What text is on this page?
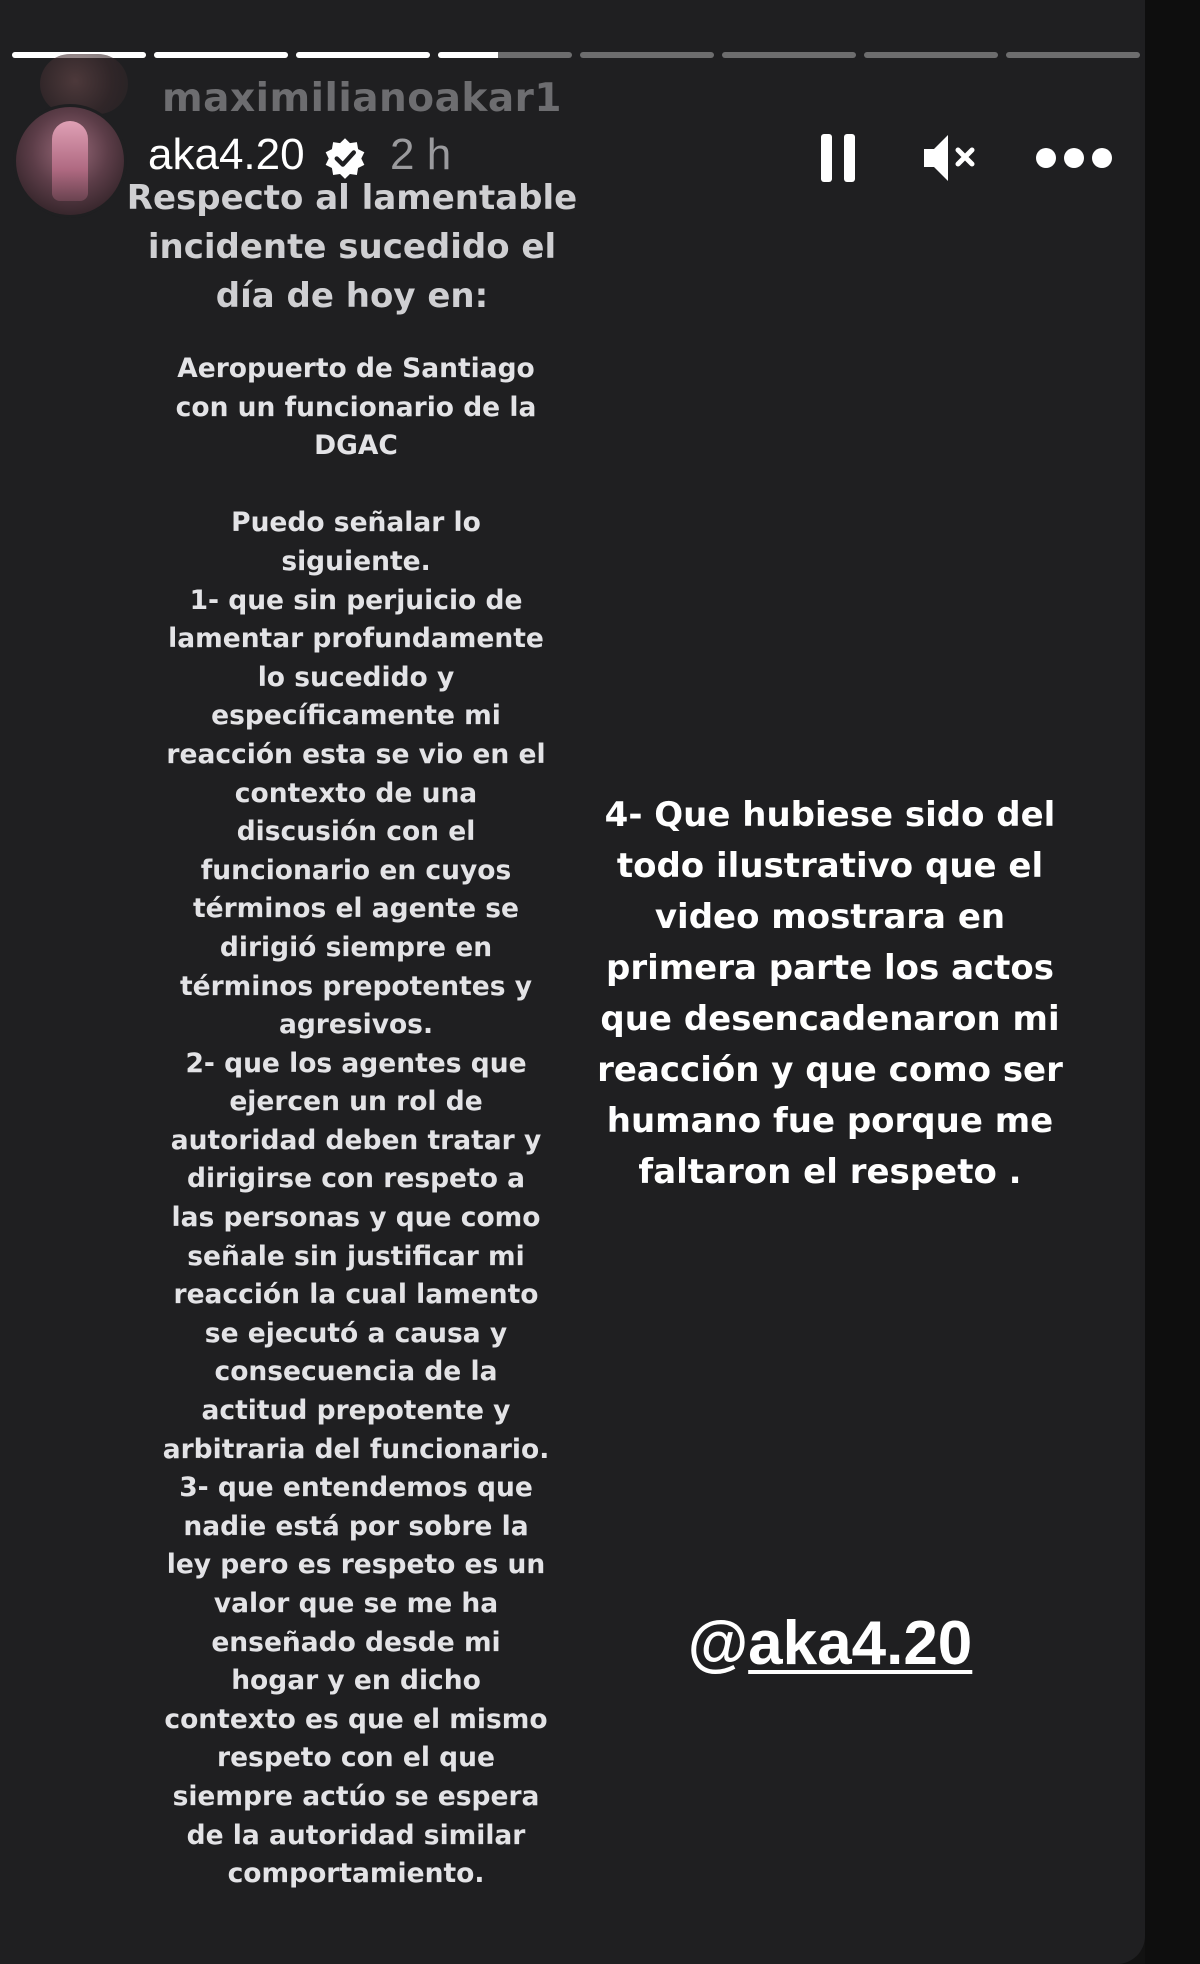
maximilianoakar1
aka4.20 2 h
Respecto al lamentable incidente sucedido el día de hoy en:
Aeropuerto de Santiago
con un funcionario de la
DGAC

Puedo señalar lo
siguiente.
1- que sin perjuicio de
lamentar profundamente
lo sucedido y
específicamente mi
reacción esta se vio en el
contexto de una
discusión con el
funcionario en cuyos
términos el agente se
dirigió siempre en
términos prepotentes y
agresivos.
2- que los agentes que
ejercen un rol de
autoridad deben tratar y
dirigirse con respeto a
las personas y que como
señale sin justificar mi
reacción la cual lamento
se ejecutó a causa y
consecuencia de la
actitud prepotente y
arbitraria del funcionario.
3- que entendemos que
nadie está por sobre la
ley pero es respeto es un
valor que se me ha
enseñado desde mi
hogar y en dicho
contexto es que el mismo
respeto con el que
siempre actúo se espera
de la autoridad similar
comportamiento.
4- Que hubiese sido del todo ilustrativo que el video mostrara en primera parte los actos que desencadenaron mi reacción y que como ser humano fue porque me faltaron el respeto .
@aka4.20
